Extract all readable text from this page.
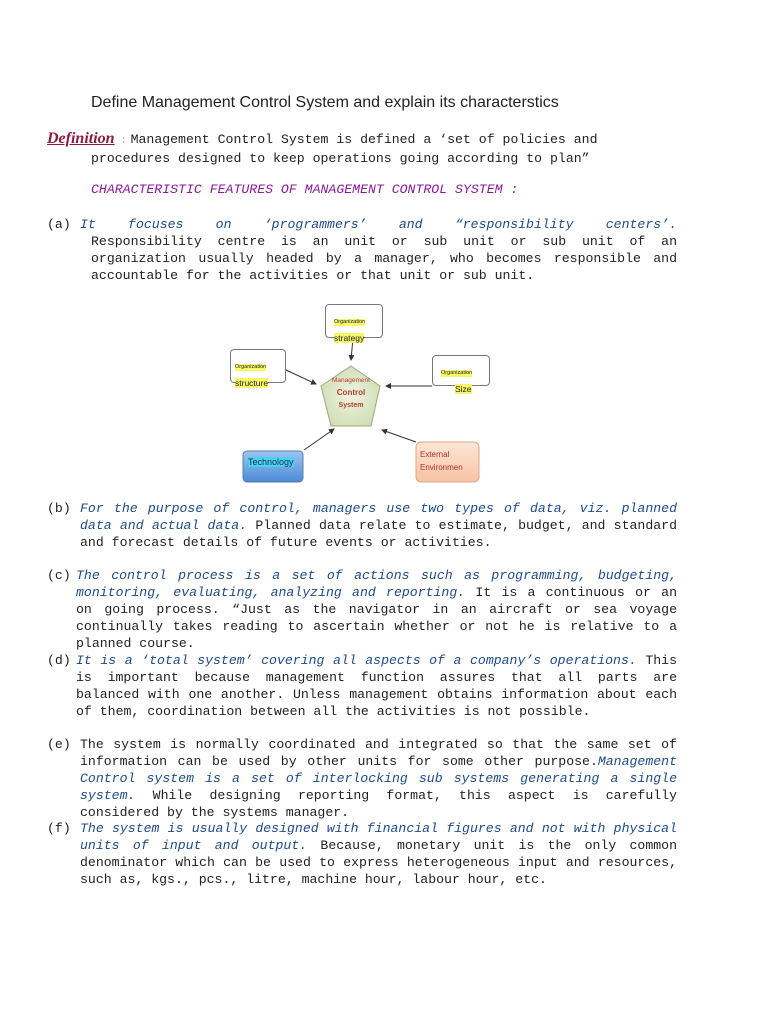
Define Management Control System and explain its characterstics
Definition : Management Control System is defined a ‘set of policies and
procedures designed to keep operations going according to plan”
CHARACTERISTIC FEATURES OF MANAGEMENT CONTROL SYSTEM :
(a) It focuses on ‘programmers’ and “responsibility centers’.
Responsibility centre is an unit or sub unit or sub unit of an organization usually headed by a manager, who becomes responsible and accountable for the activities or that unit or sub unit.
Management
Control
System
Organization
strategy
Organization
structure
Organization
Size
Technology
External
Environmen
(b) For the purpose of control, managers use two types of data, viz. planned data and actual data. Planned data relate to estimate, budget, and standard and forecast details of future events or activities.
(c) The control process is a set of actions such as programming, budgeting, monitoring, evaluating, analyzing and reporting. It is a continuous or an on going process. “Just as the navigator in an aircraft or sea voyage continually takes reading to ascertain whether or not he is relative to a planned course.
(d) It is a ‘total system’ covering all aspects of a company’s operations. This is important because management function assures that all parts are balanced with one another. Unless management obtains information about each of them, coordination between all the activities is not possible.
(e) The system is normally coordinated and integrated so that the same set of information can be used by other units for some other purpose.Management Control system is a set of interlocking sub systems generating a single system. While designing reporting format, this aspect is carefully considered by the systems manager.
(f) The system is usually designed with financial figures and not with physical units of input and output. Because, monetary unit is the only common denominator which can be used to express heterogeneous input and resources, such as, kgs., pcs., litre, machine hour, labour hour, etc.
